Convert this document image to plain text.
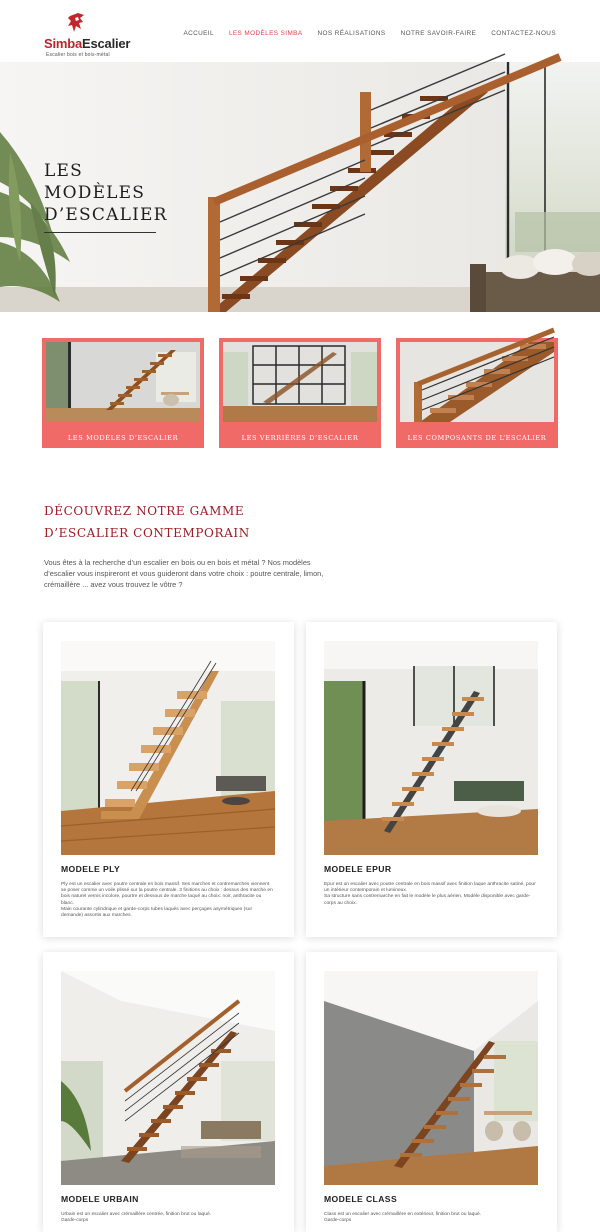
SimbaEscalier
Escalier bois et bois-métal
ACCUEIL LES MODÈLES SIMBA NOS RÉALISATIONS NOTRE SAVOIR-FAIRE CONTACTEZ-NOUS
LES
MODÈLES
D’ESCALIER
LES MODÈLES D’ESCALIER	LES VERRIÈRES D’ESCALIER	LES COMPOSANTS DE L’ESCALIER
DÉCOUVREZ NOTRE GAMME
D’ESCALIER CONTEMPORAIN

Vous êtes à la recherche d’un escalier en bois ou en bois et métal ? Nos modèles d’escalier vous inspireront et vous guideront dans votre choix : poutre centrale, limon, crémaillère ... avez vous trouvez le vôtre ?

MODELE PLY
Ply est un escalier avec poutre centrale en bois massif. Ses marches et contremarches viennent se poser comme un voile plissé sur la poutre centrale. 3 finitions au choix : dessus des marche en bois naturel vernis incolore, pourtre et dessous de marche laqué au choix: noir, anthracite ou blanc.
Main courante cylindrique et garde-corps tubes laqués avec perçages asymétriques (sur demande) assortis aux marches.
MODELE EPUR
Epur est un escalier avec poutre centrale en bois massif avec finition laque anthracite satiné, pour un intérieur contemporain et lumineux.
Sa structure sans contremarche en fait le modèle le plus aérien. Modèle disponible avec garde-corps au choix.
MODELE URBAIN
Urbain est un escalier avec crémaillère centrée, finition brut ou laqué.
Garde-corps
MODELE CLASS
Class est un escalier avec crémaillère en extérieur, finition brut ou laqué.
Garde-corps
